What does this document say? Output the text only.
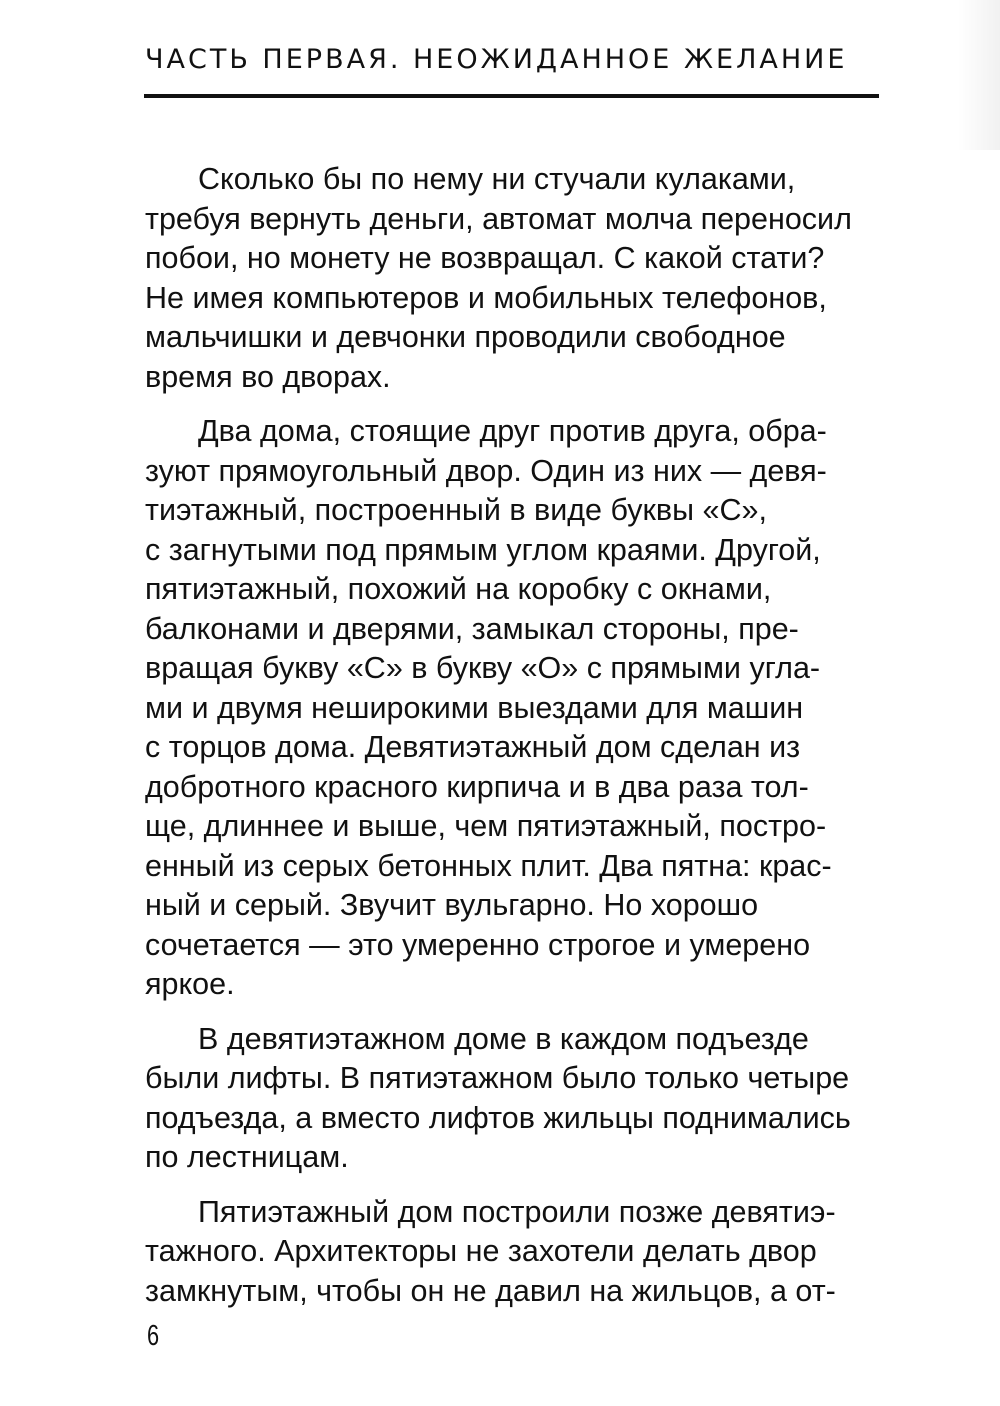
ЧАСТЬ ПЕРВАЯ. НЕОЖИДАННОЕ ЖЕЛАНИЕ

Сколько бы по нему ни стучали кулаками,
требуя вернуть деньги, автомат молча переносил
побои, но монету не возвращал. С какой стати?
Не имея компьютеров и мобильных телефонов,
мальчишки и девчонки проводили свободное
время во дворах.

Два дома, стоящие друг против друга, обра-
зуют прямоугольный двор. Один из них — девя-
тиэтажный, построенный в виде буквы «С»,
с загнутыми под прямым углом краями. Другой,
пятиэтажный, похожий на коробку с окнами,
балконами и дверями, замыкал стороны, пре-
вращая букву «С» в букву «О» с прямыми угла-
ми и двумя неширокими выездами для машин
с торцов дома. Девятиэтажный дом сделан из
добротного красного кирпича и в два раза тол-
ще, длиннее и выше, чем пятиэтажный, постро-
енный из серых бетонных плит. Два пятна: крас-
ный и серый. Звучит вульгарно. Но хорошо
сочетается — это умеренно строгое и умерено
яркое.

В девятиэтажном доме в каждом подъезде
были лифты. В пятиэтажном было только четыре
подъезда, а вместо лифтов жильцы поднимались
по лестницам.

Пятиэтажный дом построили позже девятиэ-
тажного. Архитекторы не захотели делать двор
замкнутым, чтобы он не давил на жильцов, а от-

6
